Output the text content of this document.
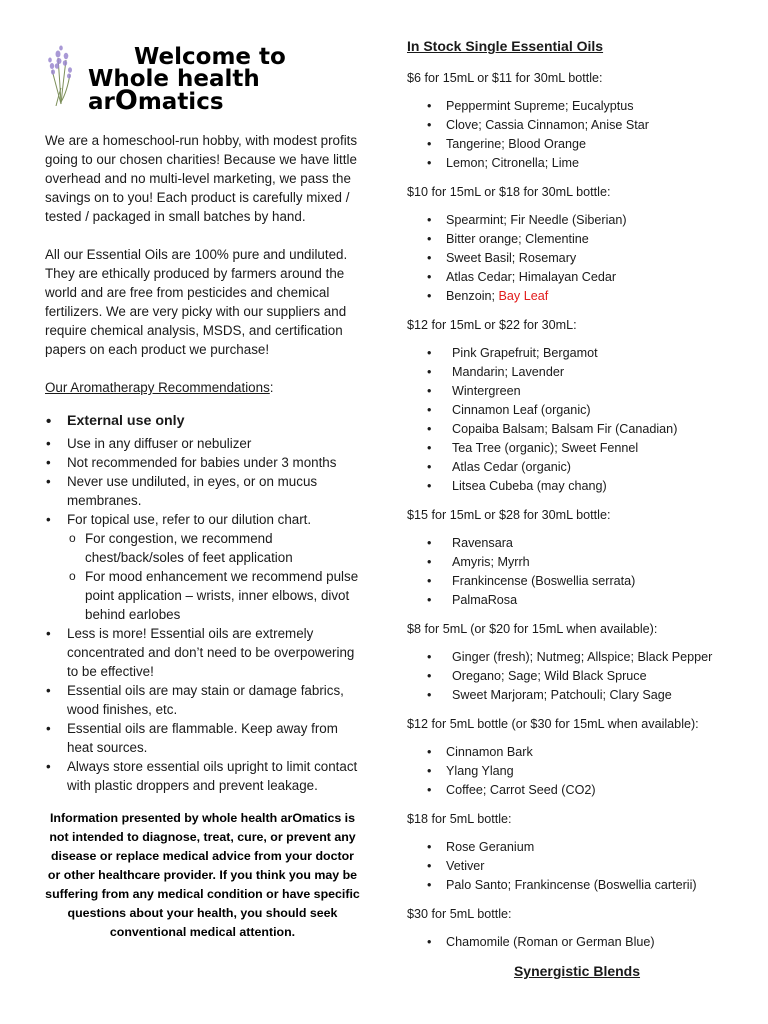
Welcome to
Whole health
arOmatics

We are a homeschool-run hobby, with modest profits going to our chosen charities! Because we have little overhead and no multi-level marketing, we pass the savings on to you! Each product is carefully mixed / tested / packaged in small batches by hand.

All our Essential Oils are 100% pure and undiluted. They are ethically produced by farmers around the world and are free from pesticides and chemical fertilizers. We are very picky with our suppliers and require chemical analysis, MSDS, and certification papers on each product we purchase!

Our Aromatherapy Recommendations:

• External use only
• Use in any diffuser or nebulizer
• Not recommended for babies under 3 months
• Never use undiluted, in eyes, or on mucus membranes.
• For topical use, refer to our dilution chart.
o For congestion, we recommend chest/back/soles of feet application
o For mood enhancement we recommend pulse point application – wrists, inner elbows, divot behind earlobes
• Less is more! Essential oils are extremely concentrated and don’t need to be overpowering to be effective!
• Essential oils are may stain or damage fabrics, wood finishes, etc.
• Essential oils are flammable. Keep away from heat sources.
• Always store essential oils upright to limit contact with plastic droppers and prevent leakage.
Information presented by whole health arOmatics is not intended to diagnose, treat, cure, or prevent any disease or replace medical advice from your doctor or other healthcare provider. If you think you may be suffering from any medical condition or have specific questions about your health, you should seek conventional medical attention.
In Stock Single Essential Oils

$6 for 15mL or $11 for 30mL bottle:

• Peppermint Supreme; Eucalyptus
• Clove; Cassia Cinnamon; Anise Star
• Tangerine; Blood Orange
• Lemon; Citronella; Lime

$10 for 15mL or $18 for 30mL bottle:

• Spearmint; Fir Needle (Siberian)
• Bitter orange; Clementine
• Sweet Basil; Rosemary
• Atlas Cedar; Himalayan Cedar
• Benzoin; Bay Leaf

$12 for 15mL or $22 for 30mL:

• Pink Grapefruit; Bergamot
• Mandarin; Lavender
• Wintergreen
• Cinnamon Leaf (organic)
• Copaiba Balsam; Balsam Fir (Canadian)
• Tea Tree (organic); Sweet Fennel
• Atlas Cedar (organic)
• Litsea Cubeba (may chang)

$15 for 15mL or $28 for 30mL bottle:

• Ravensara
• Amyris; Myrrh
• Frankincense (Boswellia serrata)
• PalmaRosa

$8 for 5mL (or $20 for 15mL when available):

• Ginger (fresh); Nutmeg; Allspice; Black Pepper
• Oregano; Sage; Wild Black Spruce
• Sweet Marjoram; Patchouli; Clary Sage

$12 for 5mL bottle (or $30 for 15mL when available):

• Cinnamon Bark
• Ylang Ylang
• Coffee; Carrot Seed (CO2)

$18 for 5mL bottle:

• Rose Geranium
• Vetiver
• Palo Santo; Frankincense (Boswellia carterii)

$30 for 5mL bottle:

• Chamomile (Roman or German Blue)
Synergistic Blends
